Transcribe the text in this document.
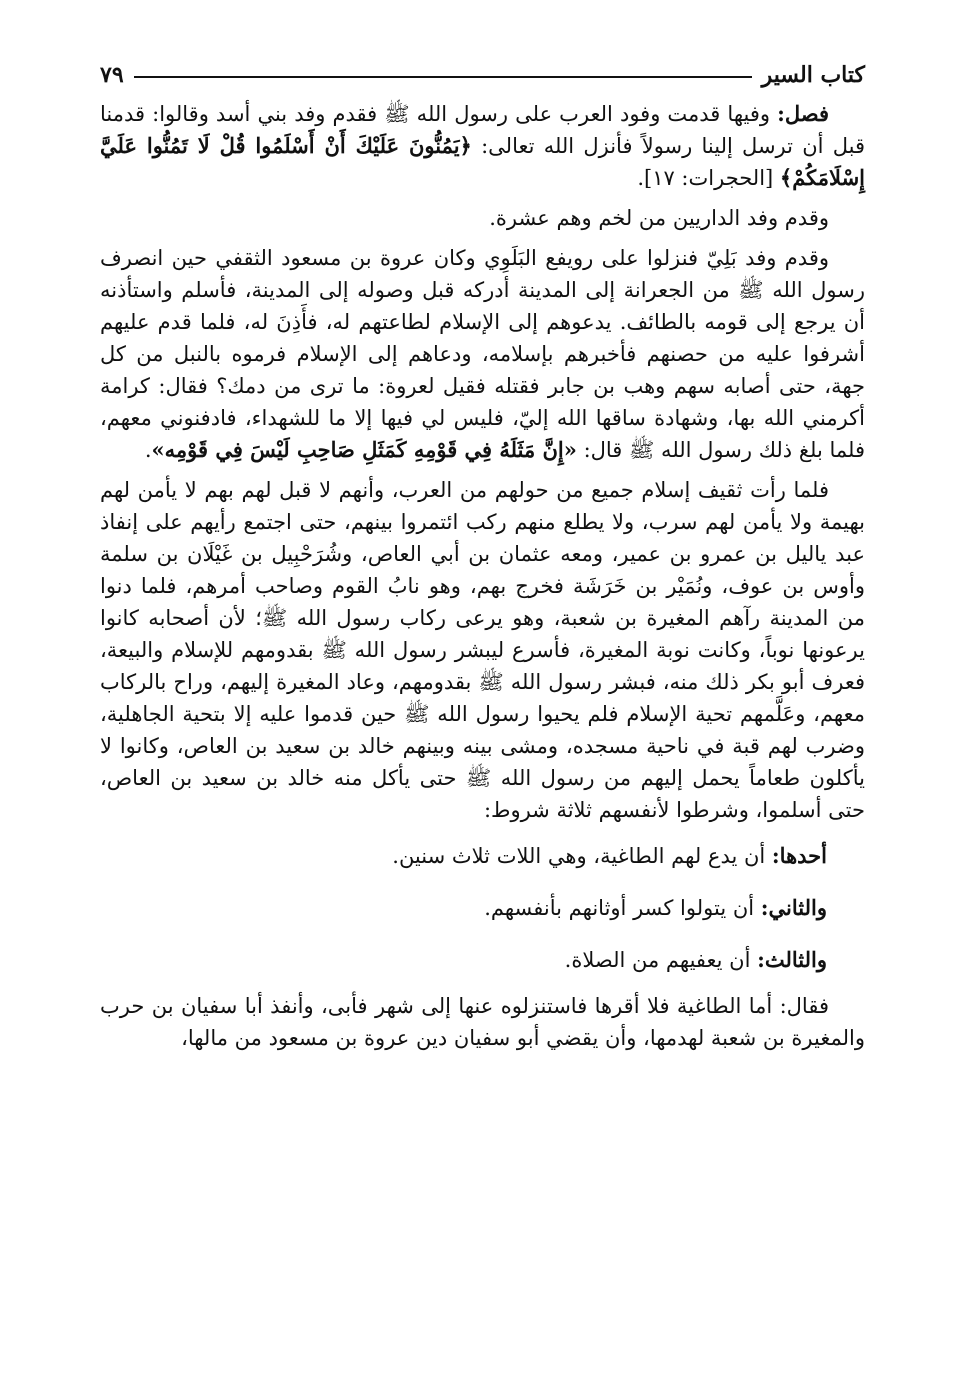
٧٩	كتاب السير

فصل: وفيها قدمت وفود العرب على رسول الله ﷺ فقدم وفد بني أسد وقالوا: قدمنا قبل أن ترسل إلينا رسولاً فأنزل الله تعالى: ﴿يَمُنُّونَ عَلَيْكَ أَنْ أَسْلَمُوا قُلْ لَا تَمُنُّوا عَلَيَّ إِسْلَامَكُمْ﴾ [الحجرات: ١٧].

وقدم وفد الداريين من لخم وهم عشرة.

وقدم وفد بَلِيّ فنزلوا على رويفع البَلَوِي وكان عروة بن مسعود الثقفي حين انصرف رسول الله ﷺ من الجعرانة إلى المدينة أدركه قبل وصوله إلى المدينة، فأسلم واستأذنه أن يرجع إلى قومه بالطائف. يدعوهم إلى الإسلام لطاعتهم له، فأَذِنَ له، فلما قدم عليهم أشرفوا عليه من حصنهم فأخبرهم بإسلامه، ودعاهم إلى الإسلام فرموه بالنبل من كل جهة، حتى أصابه سهم وهب بن جابر فقتله فقيل لعروة: ما ترى من دمك؟ فقال: كرامة أكرمني الله بها، وشهادة ساقها الله إليّ، فليس لي فيها إلا ما للشهداء، فادفنوني معهم، فلما بلغ ذلك رسول الله ﷺ قال: «إِنَّ مَثَلَهُ فِي قَوْمِهِ كَمَثَلِ صَاحِبِ لَيْسَ فِي قَوْمِه».

فلما رأت ثقيف إسلام جميع من حولهم من العرب، وأنهم لا قبل لهم بهم لا يأمن لهم بهيمة ولا يأمن لهم سرب، ولا يطلع منهم ركب ائتمروا بينهم، حتى اجتمع رأيهم على إنفاذ عبد ياليل بن عمرو بن عمير، ومعه عثمان بن أبي العاص، وشُرَحْبِيل بن غَيْلَان بن سلمة وأوس بن عوف، ونُمَيْر بن خَرَشَة فخرج بهم، وهو نابُ القوم وصاحب أمرهم، فلما دنوا من المدينة رآهم المغيرة بن شعبة، وهو يرعى ركاب رسول الله ﷺ؛ لأن أصحابه كانوا يرعونها نوباً، وكانت نوبة المغيرة، فأسرع ليبشر رسول الله ﷺ بقدومهم للإسلام والبيعة، فعرف أبو بكر ذلك منه، فبشر رسول الله ﷺ بقدومهم، وعاد المغيرة إليهم، وراح بالركاب معهم، وعَلَّمهم تحية الإسلام فلم يحيوا رسول الله ﷺ حين قدموا عليه إلا بتحية الجاهلية، وضرب لهم قبة في ناحية مسجده، ومشى بينه وبينهم خالد بن سعيد بن العاص، وكانوا لا يأكلون طعاماً يحمل إليهم من رسول الله ﷺ حتى يأكل منه خالد بن سعيد بن العاص، حتى أسلموا، وشرطوا لأنفسهم ثلاثة شروط:

أحدها: أن يدع لهم الطاغية، وهي اللات ثلاث سنين.

والثاني: أن يتولوا كسر أوثانهم بأنفسهم.

والثالث: أن يعفيهم من الصلاة.

فقال: أما الطاغية فلا أقرها فاستنزلوه عنها إلى شهر فأبى، وأنفذ أبا سفيان بن حرب والمغيرة بن شعبة لهدمها، وأن يقضي أبو سفيان دين عروة بن مسعود من مالها،
